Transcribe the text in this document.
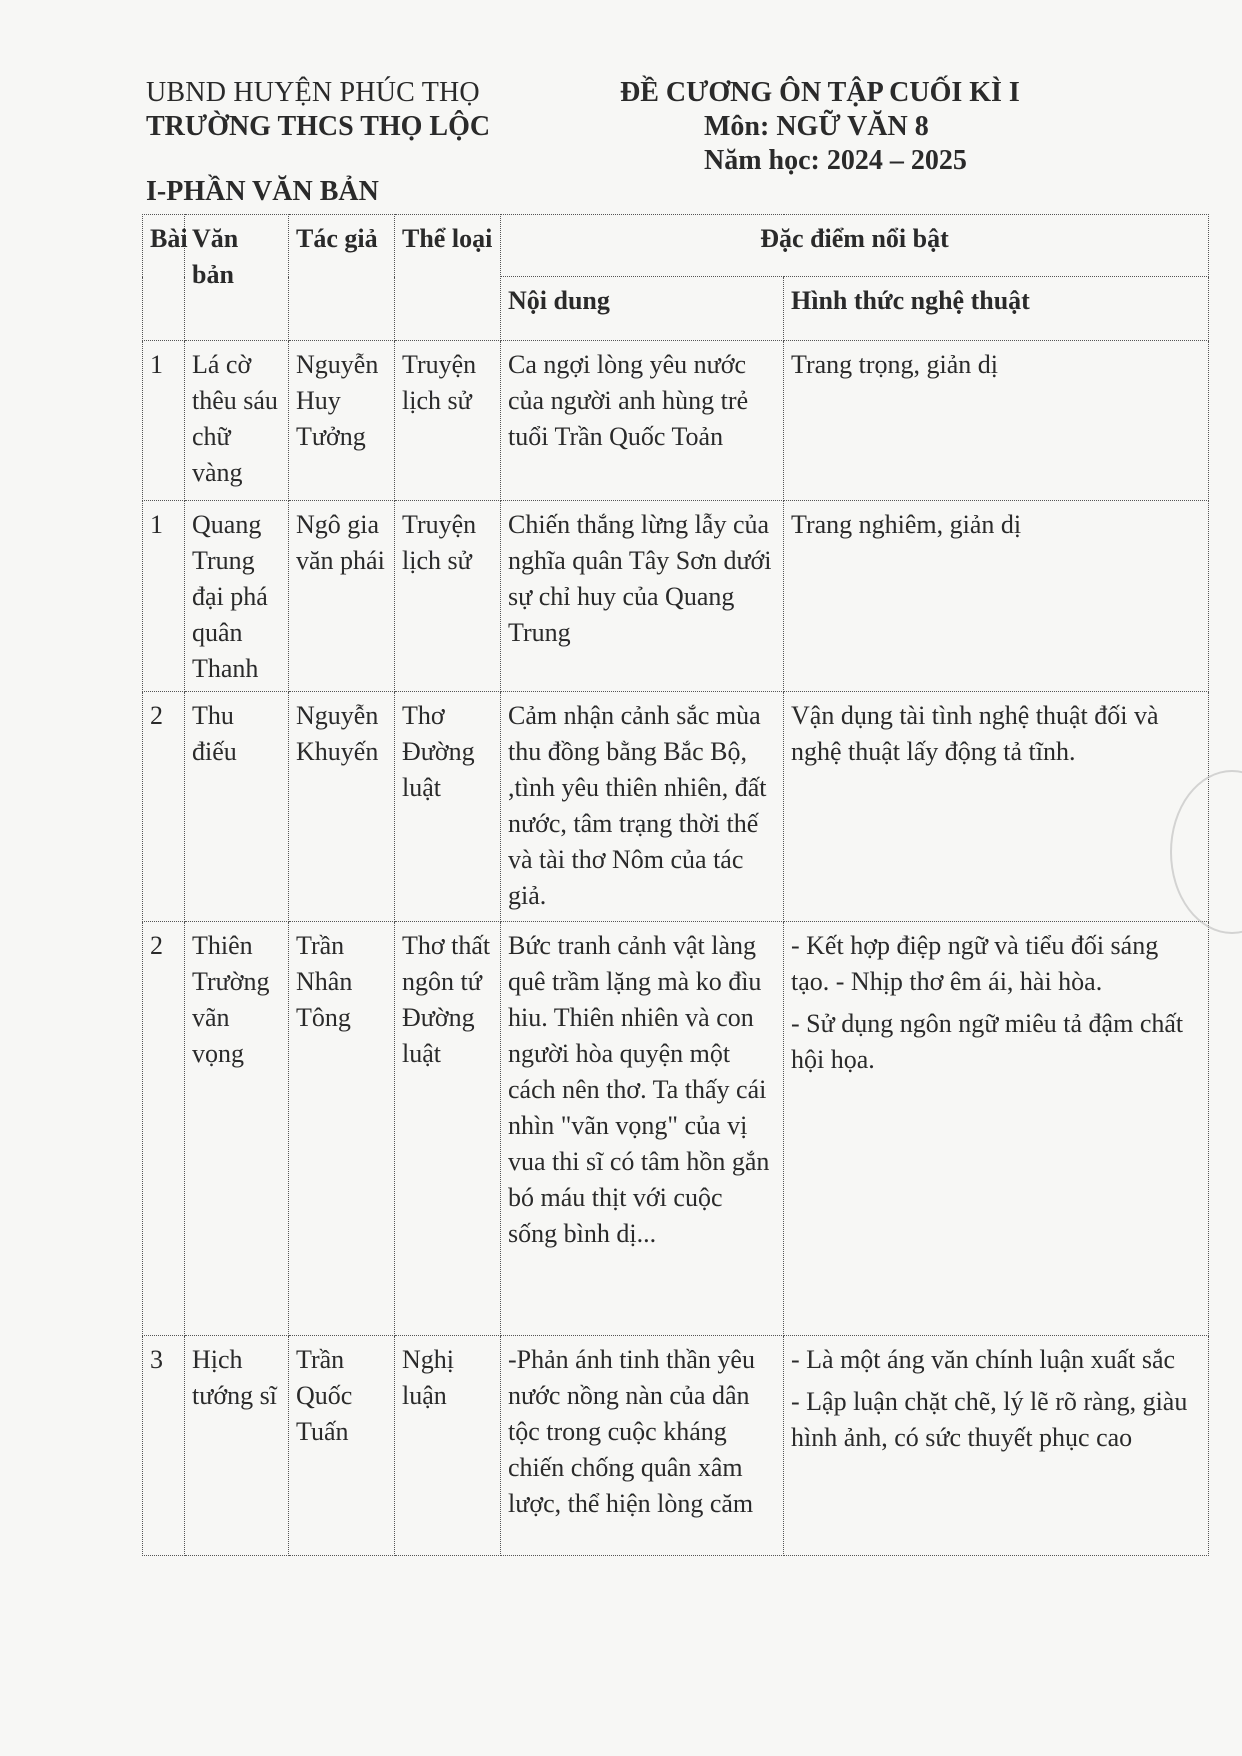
UBND HUYỆN PHÚC THỌ
TRƯỜNG THCS THỌ LỘC
ĐỀ CƯƠNG ÔN TẬP CUỐI KÌ I
Môn: NGỮ VĂN 8
Năm học: 2024 – 2025
I-PHẦN VĂN BẢN
Bài	Văn bản	Tác giả	Thể loại	Đặc điểm nổi bật	
				Nội dung	Hình thức nghệ thuật
1	Lá cờ thêu sáu chữ vàng	Nguyễn Huy Tưởng	Truyện lịch sử	Ca ngợi lòng yêu nước của người anh hùng trẻ tuổi Trần Quốc Toản	Trang trọng, giản dị

1	Quang Trung đại phá quân Thanh	Ngô gia văn phái	Truyện lịch sử	Chiến thắng lừng lẫy của nghĩa quân Tây Sơn dưới sự chỉ huy của Quang Trung	Trang nghiêm, giản dị

2	Thu điếu	Nguyễn Khuyến	Thơ Đường luật	Cảm nhận cảnh sắc mùa thu đồng bằng Bắc Bộ, ,tình yêu thiên nhiên, đất nước, tâm trạng thời thế và tài thơ Nôm của tác giả.	Vận dụng tài tình nghệ thuật đối và nghệ thuật lấy động tả tĩnh.

2	Thiên Trường vãn vọng	Trần Nhân Tông	Thơ thất ngôn tứ Đường luật	Bức tranh cảnh vật làng quê trầm lặng mà ko đìu hiu. Thiên nhiên và con người hòa quyện một cách nên thơ. Ta thấy cái nhìn "vãn vọng" của vị vua thi sĩ có tâm hồn gắn bó máu thịt với cuộc sống bình dị...	- Kết hợp điệp ngữ và tiểu đối sáng tạo. - Nhịp thơ êm ái, hài hòa.
- Sử dụng ngôn ngữ miêu tả đậm chất hội họa.

3	Hịch tướng sĩ	Trần Quốc Tuấn	Nghị luận	-Phản ánh tinh thần yêu nước nồng nàn của dân tộc trong cuộc kháng chiến chống quân xâm lược, thể hiện lòng căm	- Là một áng văn chính luận xuất sắc
- Lập luận chặt chẽ, lý lẽ rõ ràng, giàu hình ảnh, có sức thuyết phục cao
